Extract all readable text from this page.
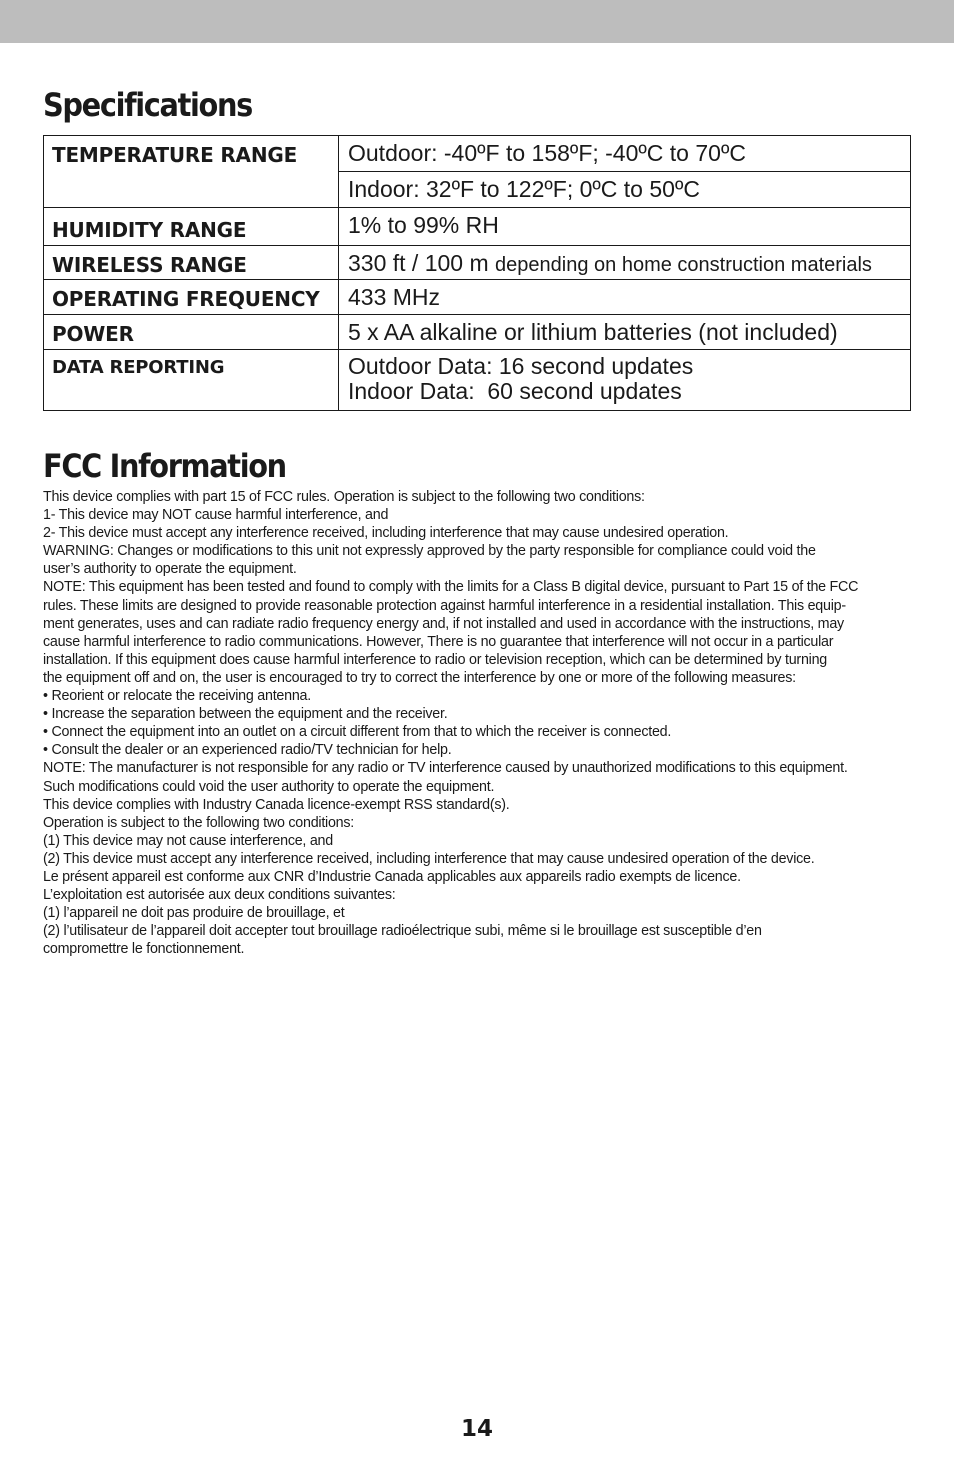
Specifications
TEMPERATURE RANGE	Outdoor: -40ºF to 158ºF; -40ºC to 70ºC
	Indoor: 32ºF to 122ºF; 0ºC to 50ºC
HUMIDITY RANGE	1% to 99% RH
WIRELESS RANGE	330 ft / 100 m depending on home construction materials
OPERATING FREQUENCY	433 MHz
POWER	5 x AA alkaline or lithium batteries (not included)
DATA REPORTING	Outdoor Data: 16 second updates
Indoor Data:  60 second updates
FCC Information

This device complies with part 15 of FCC rules. Operation is subject to the following two conditions:

1- This device may NOT cause harmful interference, and

2- This device must accept any interference received, including interference that may cause undesired operation.

WARNING: Changes or modifications to this unit not expressly approved by the party responsible for compliance could void the

user’s authority to operate the equipment.

NOTE: This equipment has been tested and found to comply with the limits for a Class B digital device, pursuant to Part 15 of the FCC

rules. These limits are designed to provide reasonable protection against harmful interference in a residential installation. This equip-

ment generates, uses and can radiate radio frequency energy and, if not installed and used in accordance with the instructions, may

cause harmful interference to radio communications. However, There is no guarantee that interference will not occur in a particular

installation. If this equipment does cause harmful interference to radio or television reception, which can be determined by turning

the equipment off and on, the user is encouraged to try to correct the interference by one or more of the following measures:

• Reorient or relocate the receiving antenna.

• Increase the separation between the equipment and the receiver.

• Connect the equipment into an outlet on a circuit different from that to which the receiver is connected.

• Consult the dealer or an experienced radio/TV technician for help.

NOTE: The manufacturer is not responsible for any radio or TV interference caused by unauthorized modifications to this equipment.

Such modifications could void the user authority to operate the equipment.

This device complies with Industry Canada licence-exempt RSS standard(s).

Operation is subject to the following two conditions:

(1) This device may not cause interference, and

(2) This device must accept any interference received, including interference that may cause undesired operation of the device.

Le présent appareil est conforme aux CNR d’Industrie Canada applicables aux appareils radio exempts de licence.

L’exploitation est autorisée aux deux conditions suivantes:

(1) l’appareil ne doit pas produire de brouillage, et

(2) l’utilisateur de l’appareil doit accepter tout brouillage radioélectrique subi, même si le brouillage est susceptible d’en

compromettre le fonctionnement.

14
